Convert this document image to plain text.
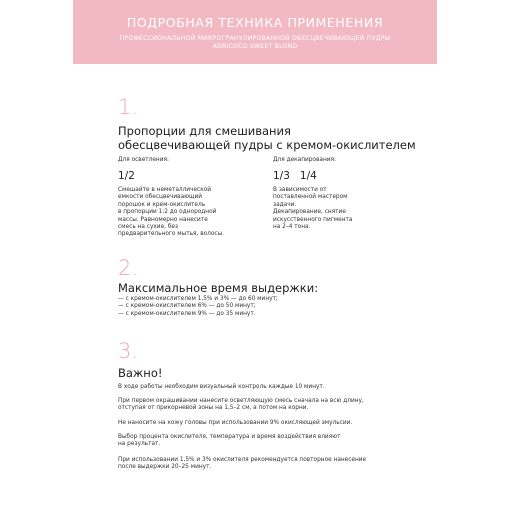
ПОДРОБНАЯ ТЕХНИКА ПРИМЕНЕНИЯ
ПРОФЕССИОНАЛЬНОЙ МИКРОГРАНУЛИРОВАННОЙ ОБЕСЦВЕЧИВАЮЩЕЙ ПУДРЫ
ADRICOCO SWEET BLOND
1.
Пропорции для смешивания
обесцвечивающей пудры с кремом-окислителем
Для осветления:
1/2
Смешайте в неметаллической
емкости обесцвечивающий
порошок и крем-окислитель
в пропорции 1:2 до однородной
массы. Равномерно нанесите
смесь на сухие, без
предварительного мытья, волосы.
Для декапирования:
1/3   1/4
В зависимости от
поставленной мастером
задачи.
Декапирование, снятие
искусственного пигмента
на 2–4 тона.
2.
Максимальное время выдержки:
— с кремом-окислителем 1,5% и 3% — до 60 минут;
— с кремом-окислителем 6% — до 50 минут;
— с кремом-окислителем 9% — до 35 минут.
3.
Важно!
В ходе работы необходим визуальный контроль каждые 10 минут.
При первом окрашивании нанесите осветляющую смесь сначала на всю длину,
отступая от прикорневой зоны на 1,5–2 см, а потом на корни.
Не наносите на кожу головы при использовании 9% окисляющей эмульсии.
Выбор процента окислителя, температура и время воздействия влияют
на результат.
При использовании 1,5% и 3% окислителя рекомендуется повторное нанесение
после выдержки 20–25 минут.
